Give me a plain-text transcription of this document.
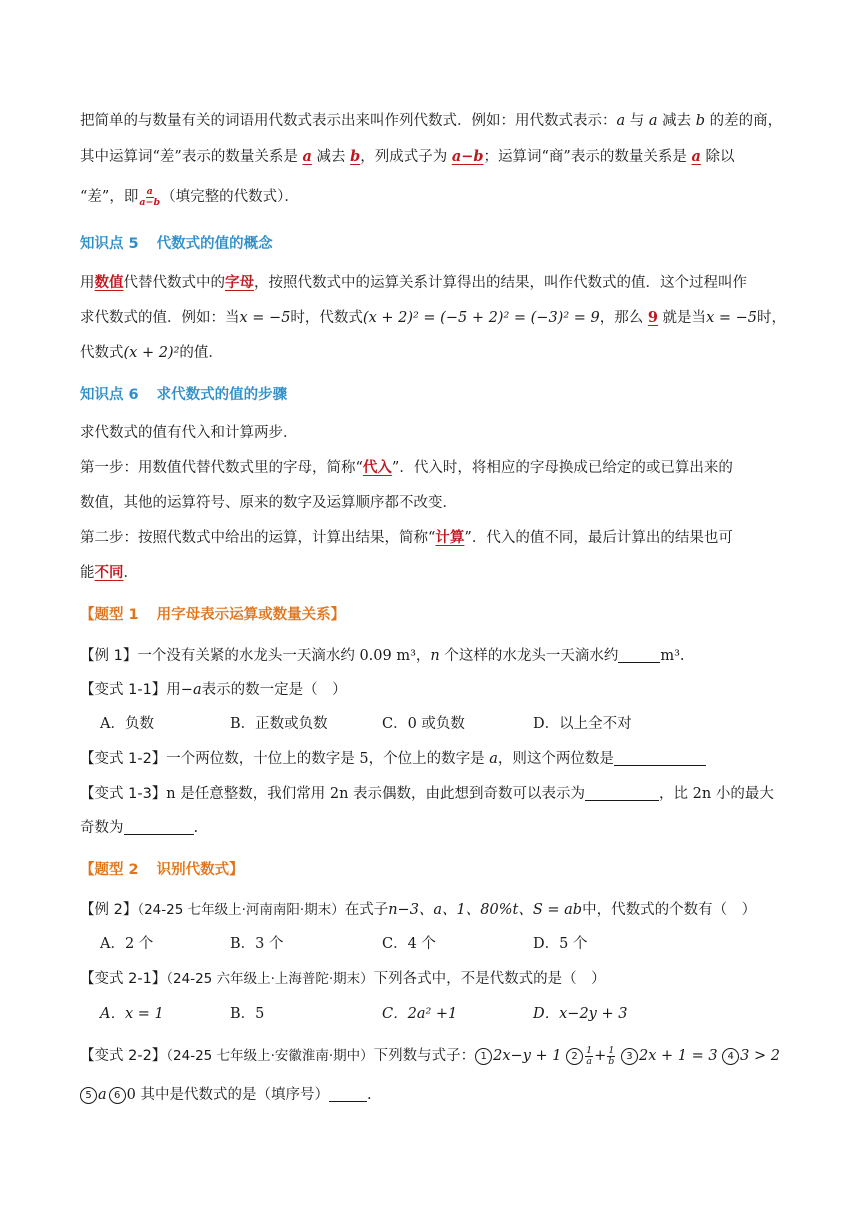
把简单的与数量有关的词语用代数式表示出来叫作列代数式．例如：用代数式表示：a 与 a 减去 b 的差的商，
其中运算词“差”表示的数量关系是 a 减去 b，列成式子为 a−b；运算词“商”表示的数量关系是 a 除以
“差”，即 $\frac{a}{a-b}$ （填完整的代数式）．
知识点 5 代数式的值的概念
用数值代替代数式中的字母，按照代数式中的运算关系计算得出的结果，叫作代数式的值．这个过程叫作
求代数式的值．例如：当x = −5时，代数式(x + 2)² = (−5 + 2)² = (−3)² = 9，那么 9 就是当x = −5时，
代数式(x + 2)²的值．
知识点 6 求代数式的值的步骤
求代数式的值有代入和计算两步．
第一步：用数值代替代数式里的字母，简称“代入”．代入时，将相应的字母换成已给定的或已算出来的
数值，其他的运算符号、原来的数字及运算顺序都不改变．
第二步：按照代数式中给出的运算，计算出结果，简称“计算”．代入的值不同，最后计算出的结果也可
能不同．
【题型 1 用字母表示运算或数量关系】
【例 1】一个没有关紧的水龙头一天滴水约 0.09 m³，n 个这样的水龙头一天滴水约	m³.
【变式 1-1】用−a表示的数一定是（　）
A．负数	B．正数或负数	C．0 或负数	D．以上全不对
【变式 1-2】一个两位数，十位上的数字是 5，个位上的数字是 a，则这个两位数是
【变式 1-3】n 是任意整数，我们常用 2n 表示偶数，由此想到奇数可以表示为	，比 2n 小的最大
奇数为	.
【题型 2 识别代数式】
【例 2】（24-25 七年级上·河南南阳·期末）在式子n−3、a、1、80%t、S = ab中，代数式的个数有（　）
A．2 个	B．3 个	C．4 个	D．5 个
【变式 2-1】（24-25 六年级上·上海普陀·期末）下列各式中，不是代数式的是（　）
A．x = 1	B．5	C．2a² +1	D．x−2y + 3
【变式 2-2】（24-25 七年级上·安徽淮南·期中）下列数与式子： 1 2x−y + 1 $2 \frac{1}{a} + \frac{1}{b} 3$ 2x + 1 = 3 4 3 > 2
5 a 6 0 其中是代数式的是（填序号）	.
